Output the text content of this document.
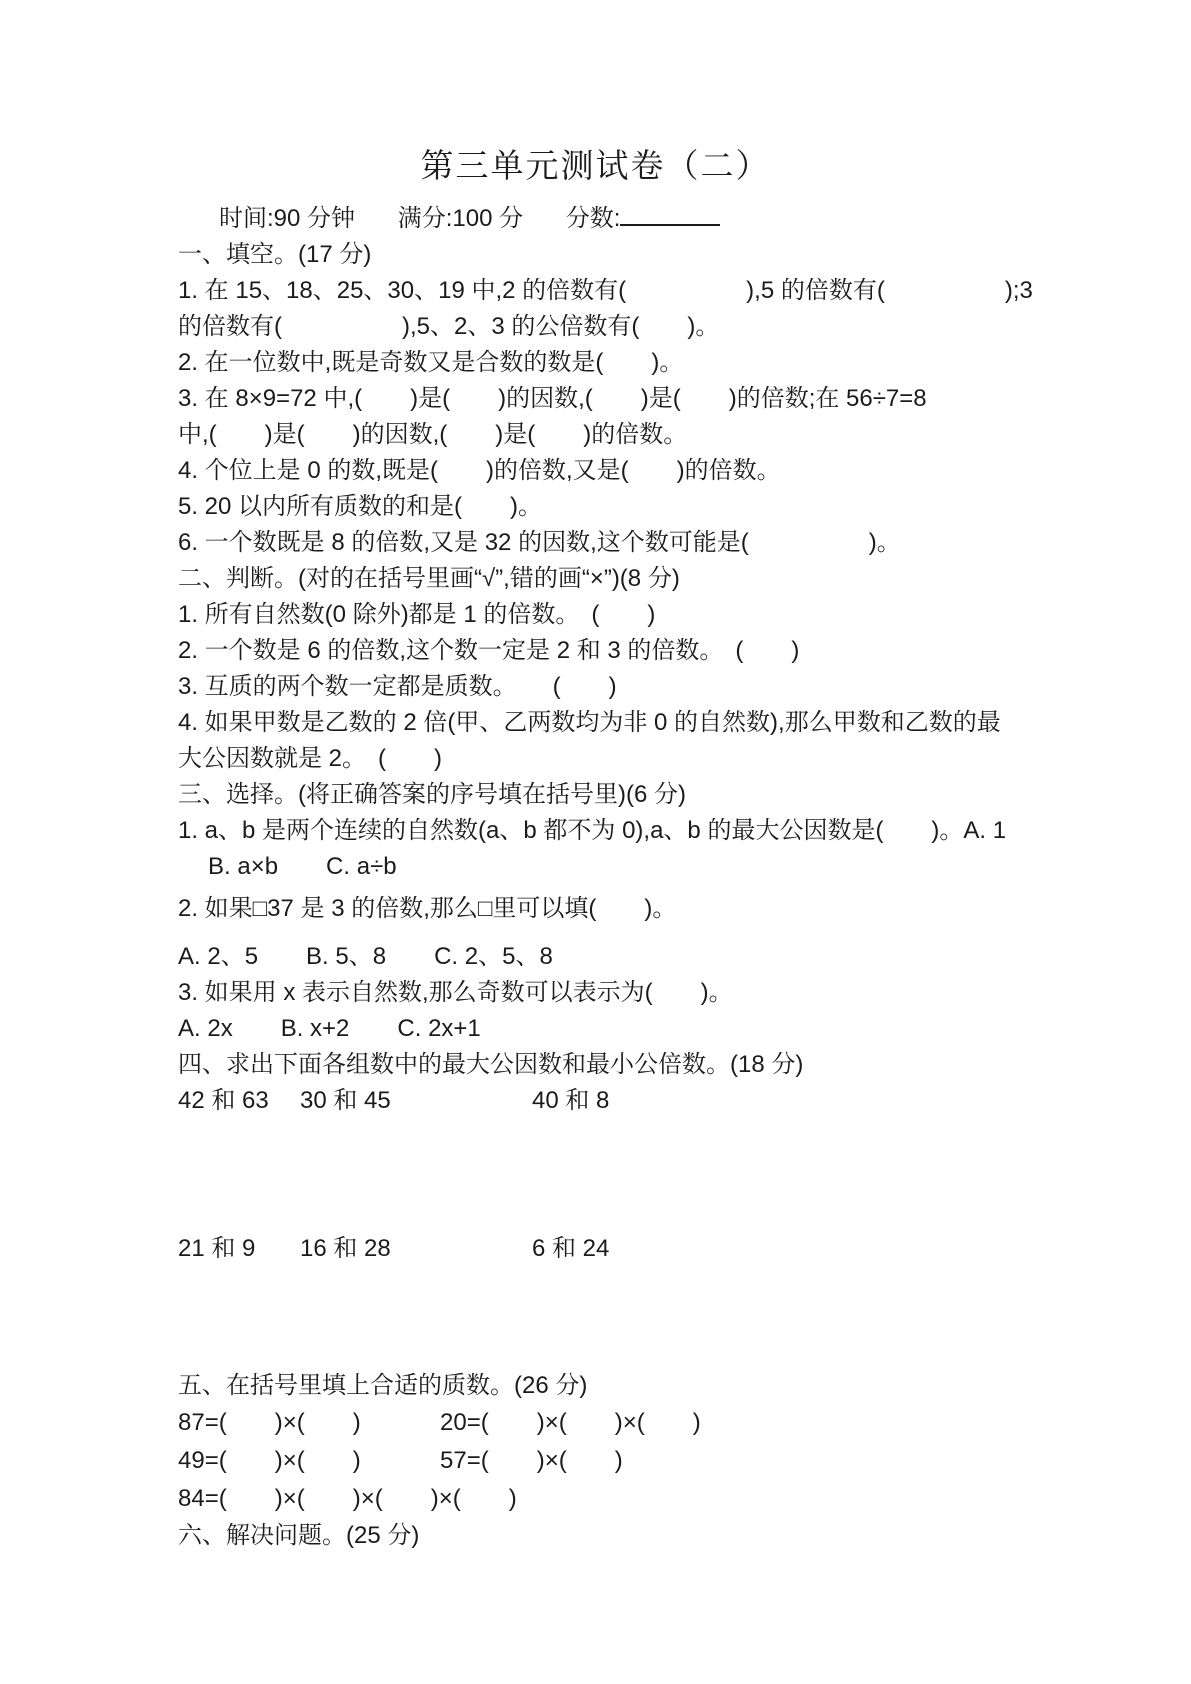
第三单元测试卷（二）
时间:90 分钟 满分:100 分 分数:
一、填空。(17 分)
1. 在 15、18、25、30、19 中,2 的倍数有(　　　　　),5 的倍数有(　　　　　);3
的倍数有(　　　　　),5、2、3 的公倍数有(　　)。
2. 在一位数中,既是奇数又是合数的数是(　　)。
3. 在 8×9=72 中,(　　)是(　　)的因数,(　　)是(　　)的倍数;在 56÷7=8
中,(　　)是(　　)的因数,(　　)是(　　)的倍数。
4. 个位上是 0 的数,既是(　　)的倍数,又是(　　)的倍数。
5. 20 以内所有质数的和是(　　)。
6. 一个数既是 8 的倍数,又是 32 的因数,这个数可能是(　　　　　)。
二、判断。(对的在括号里画“√”,错的画“×”)(8 分)
1. 所有自然数(0 除外)都是 1 的倍数。　(　　)
2. 一个数是 6 的倍数,这个数一定是 2 和 3 的倍数。　(　　)
3. 互质的两个数一定都是质数。　　(　　)
4. 如果甲数是乙数的 2 倍(甲、乙两数均为非 0 的自然数),那么甲数和乙数的最
大公因数就是 2。　(　　)
三、选择。(将正确答案的序号填在括号里)(6 分)
1. a、b 是两个连续的自然数(a、b 都不为 0),a、b 的最大公因数是(　　)。A. 1
B. a×b　　C. a÷b
2. 如果□37 是 3 的倍数,那么□里可以填(　　)。
A. 2、5　　B. 5、8　　C. 2、5、8
3. 如果用 x 表示自然数,那么奇数可以表示为(　　)。
A. 2x　　B. x+2　　C. 2x+1
四、求出下面各组数中的最大公因数和最小公倍数。(18 分)
42 和 63	30 和 45	40 和 8
21 和 9	16 和 28	6 和 24
五、在括号里填上合适的质数。(26 分)
87=(　　)×(　　)	20=(　　)×(　　)×(　　)
49=(　　)×(　　)	57=(　　)×(　　)
84=(　　)×(　　)×(　　)×(　　)
六、解决问题。(25 分)
